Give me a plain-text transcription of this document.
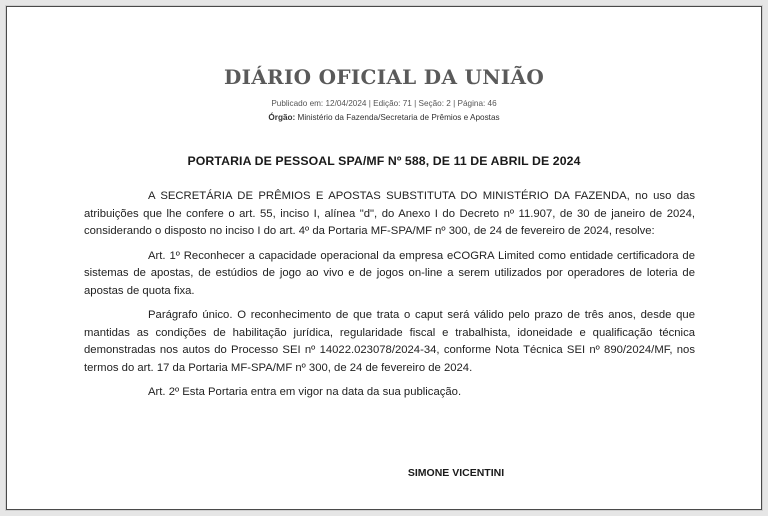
DIÁRIO OFICIAL DA UNIÃO
Publicado em: 12/04/2024 | Edição: 71 | Seção: 2 | Página: 46
Órgão: Ministério da Fazenda/Secretaria de Prêmios e Apostas
PORTARIA DE PESSOAL SPA/MF Nº 588, DE 11 DE ABRIL DE 2024

A SECRETÁRIA DE PRÊMIOS E APOSTAS SUBSTITUTA DO MINISTÉRIO DA FAZENDA, no uso das atribuições que lhe confere o art. 55, inciso I, alínea "d", do Anexo I do Decreto nº 11.907, de 30 de janeiro de 2024, considerando o disposto no inciso I do art. 4º da Portaria MF-SPA/MF nº 300, de 24 de fevereiro de 2024, resolve:

Art. 1º Reconhecer a capacidade operacional da empresa eCOGRA Limited como entidade certificadora de sistemas de apostas, de estúdios de jogo ao vivo e de jogos on-line a serem utilizados por operadores de loteria de apostas de quota fixa.

Parágrafo único. O reconhecimento de que trata o caput será válido pelo prazo de três anos, desde que mantidas as condições de habilitação jurídica, regularidade fiscal e trabalhista, idoneidade e qualificação técnica demonstradas nos autos do Processo SEI nº 14022.023078/2024-34, conforme Nota Técnica SEI nº 890/2024/MF, nos termos do art. 17 da Portaria MF-SPA/MF nº 300, de 24 de fevereiro de 2024.

Art. 2º Esta Portaria entra em vigor na data da sua publicação.

SIMONE VICENTINI
